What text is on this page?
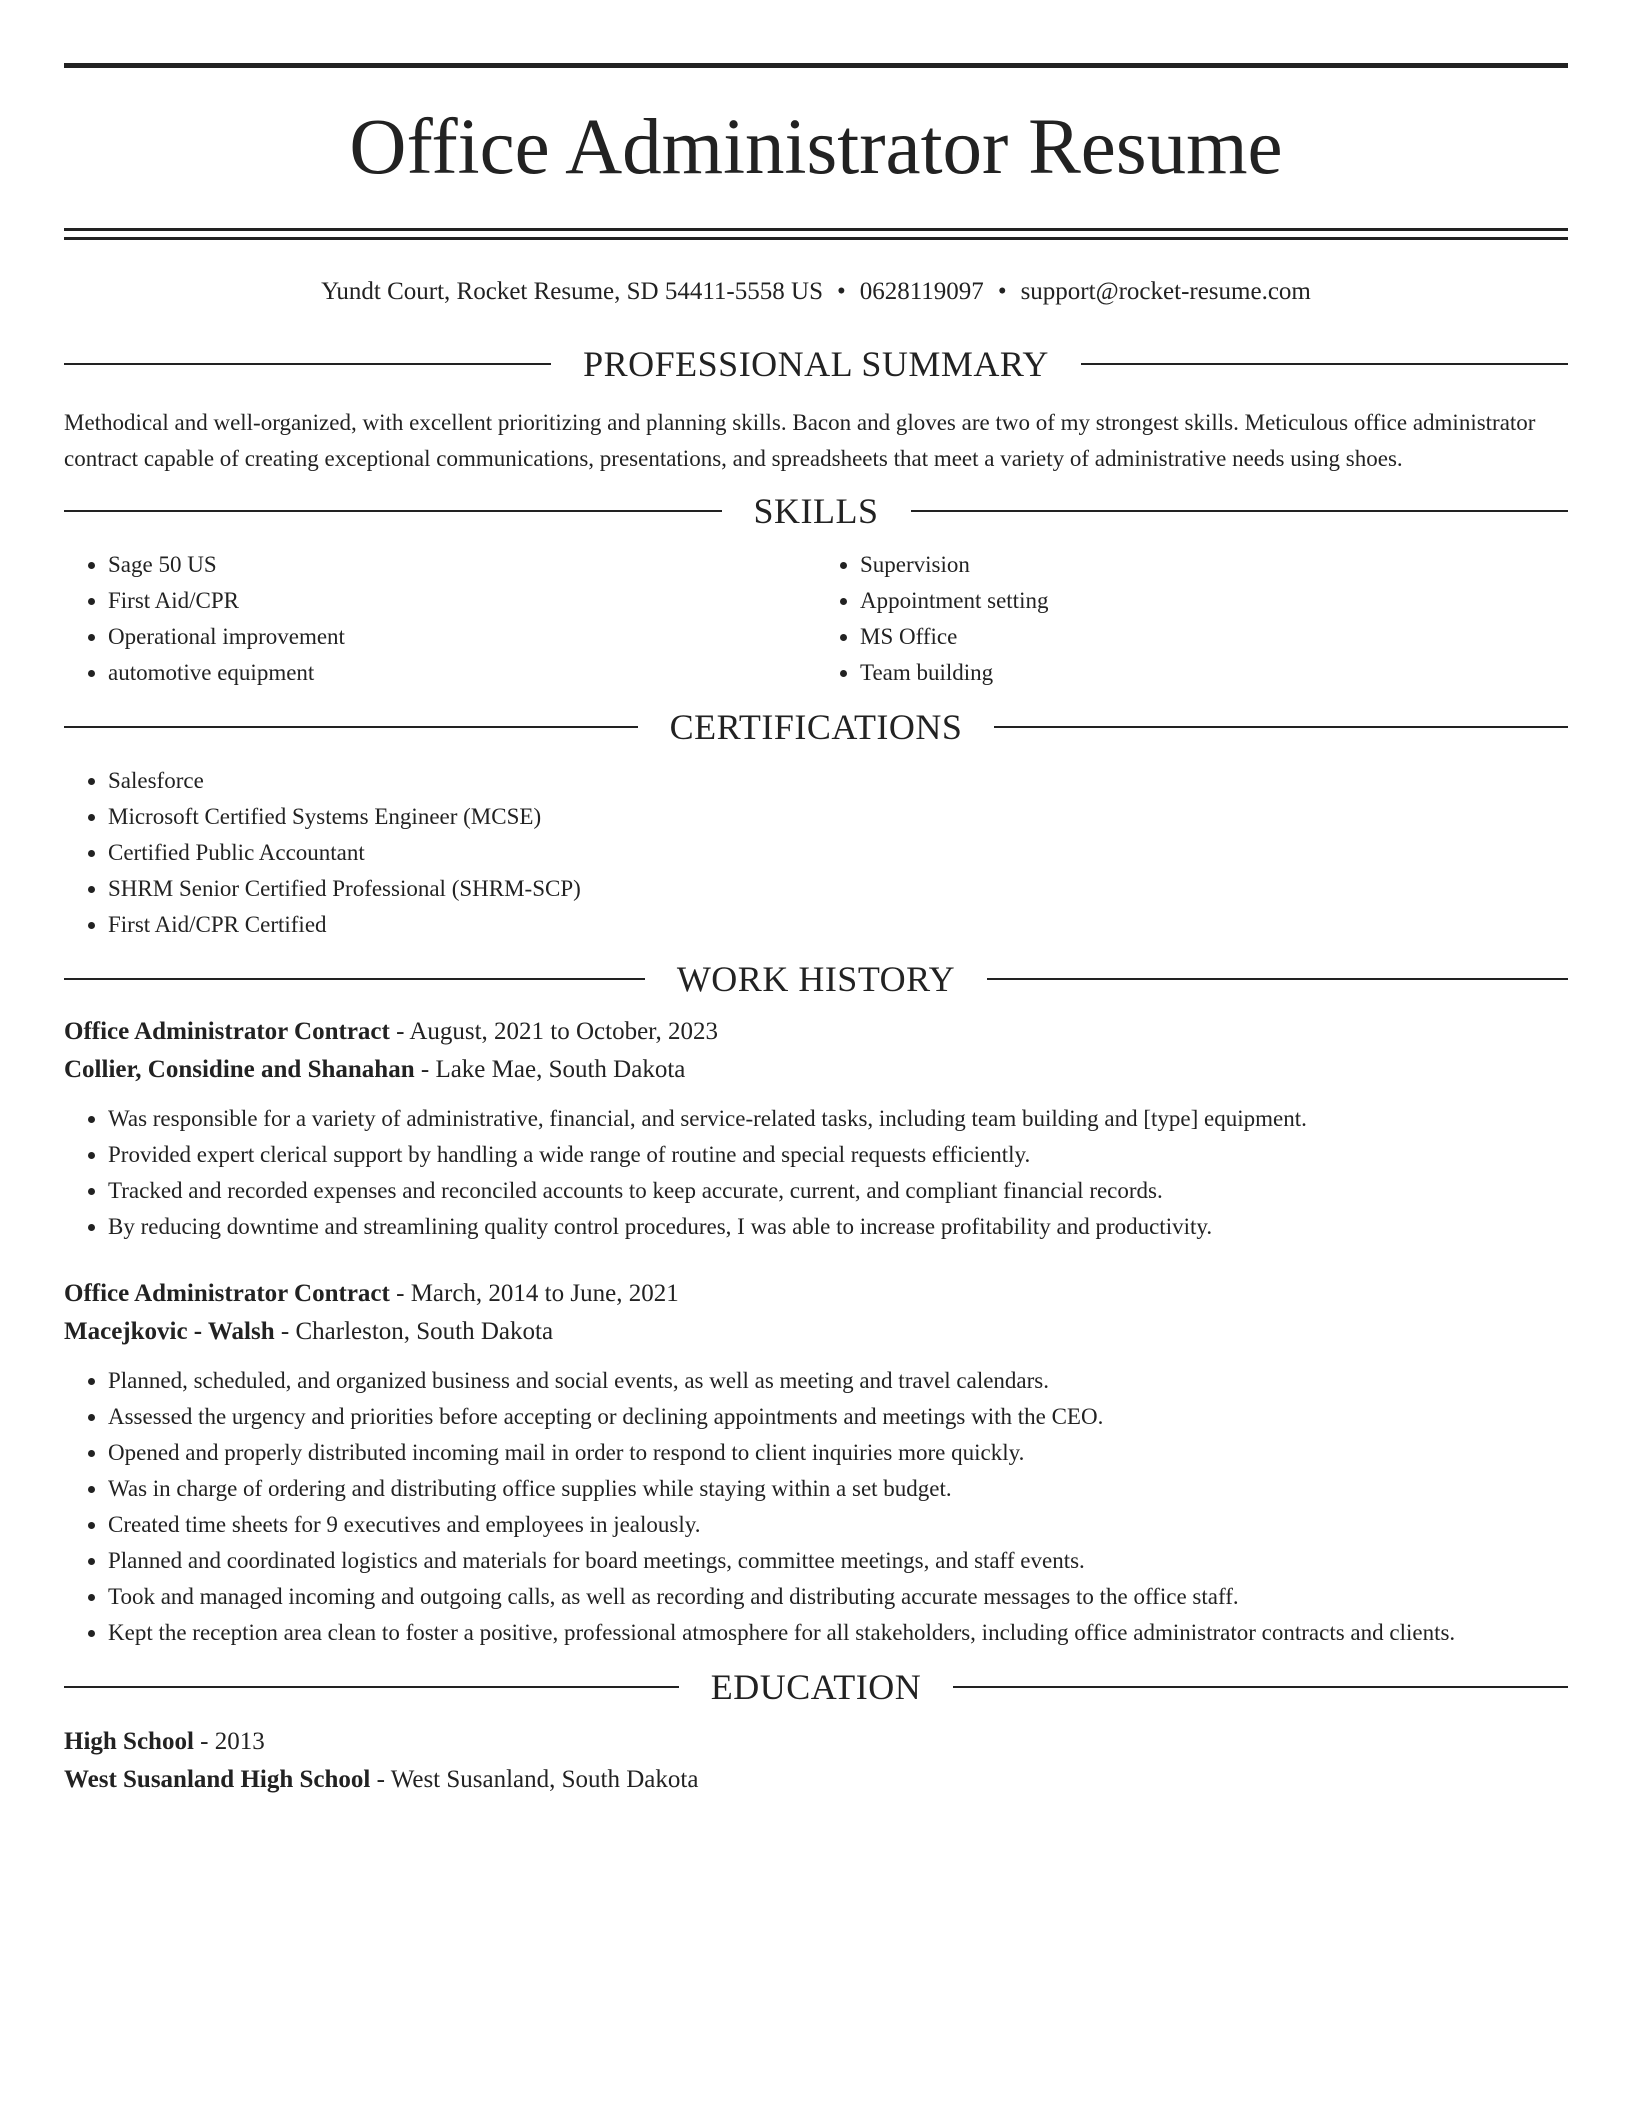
Office Administrator Resume
Yundt Court, Rocket Resume, SD 54411-5558 US • 0628119097 • support@rocket-resume.com
PROFESSIONAL SUMMARY
Methodical and well-organized, with excellent prioritizing and planning skills. Bacon and gloves are two of my strongest skills. Meticulous office administrator contract capable of creating exceptional communications, presentations, and spreadsheets that meet a variety of administrative needs using shoes.
SKILLS
• Sage 50 US
• First Aid/CPR
• Operational improvement
• automotive equipment
• Supervision
• Appointment setting
• MS Office
• Team building
CERTIFICATIONS
• Salesforce
• Microsoft Certified Systems Engineer (MCSE)
• Certified Public Accountant
• SHRM Senior Certified Professional (SHRM-SCP)
• First Aid/CPR Certified
WORK HISTORY
Office Administrator Contract - August, 2021 to October, 2023
Collier, Considine and Shanahan - Lake Mae, South Dakota
• Was responsible for a variety of administrative, financial, and service-related tasks, including team building and [type] equipment.
• Provided expert clerical support by handling a wide range of routine and special requests efficiently.
• Tracked and recorded expenses and reconciled accounts to keep accurate, current, and compliant financial records.
• By reducing downtime and streamlining quality control procedures, I was able to increase profitability and productivity.
Office Administrator Contract - March, 2014 to June, 2021
Macejkovic - Walsh - Charleston, South Dakota
• Planned, scheduled, and organized business and social events, as well as meeting and travel calendars.
• Assessed the urgency and priorities before accepting or declining appointments and meetings with the CEO.
• Opened and properly distributed incoming mail in order to respond to client inquiries more quickly.
• Was in charge of ordering and distributing office supplies while staying within a set budget.
• Created time sheets for 9 executives and employees in jealously.
• Planned and coordinated logistics and materials for board meetings, committee meetings, and staff events.
• Took and managed incoming and outgoing calls, as well as recording and distributing accurate messages to the office staff.
• Kept the reception area clean to foster a positive, professional atmosphere for all stakeholders, including office administrator contracts and clients.
EDUCATION
High School - 2013
West Susanland High School - West Susanland, South Dakota
